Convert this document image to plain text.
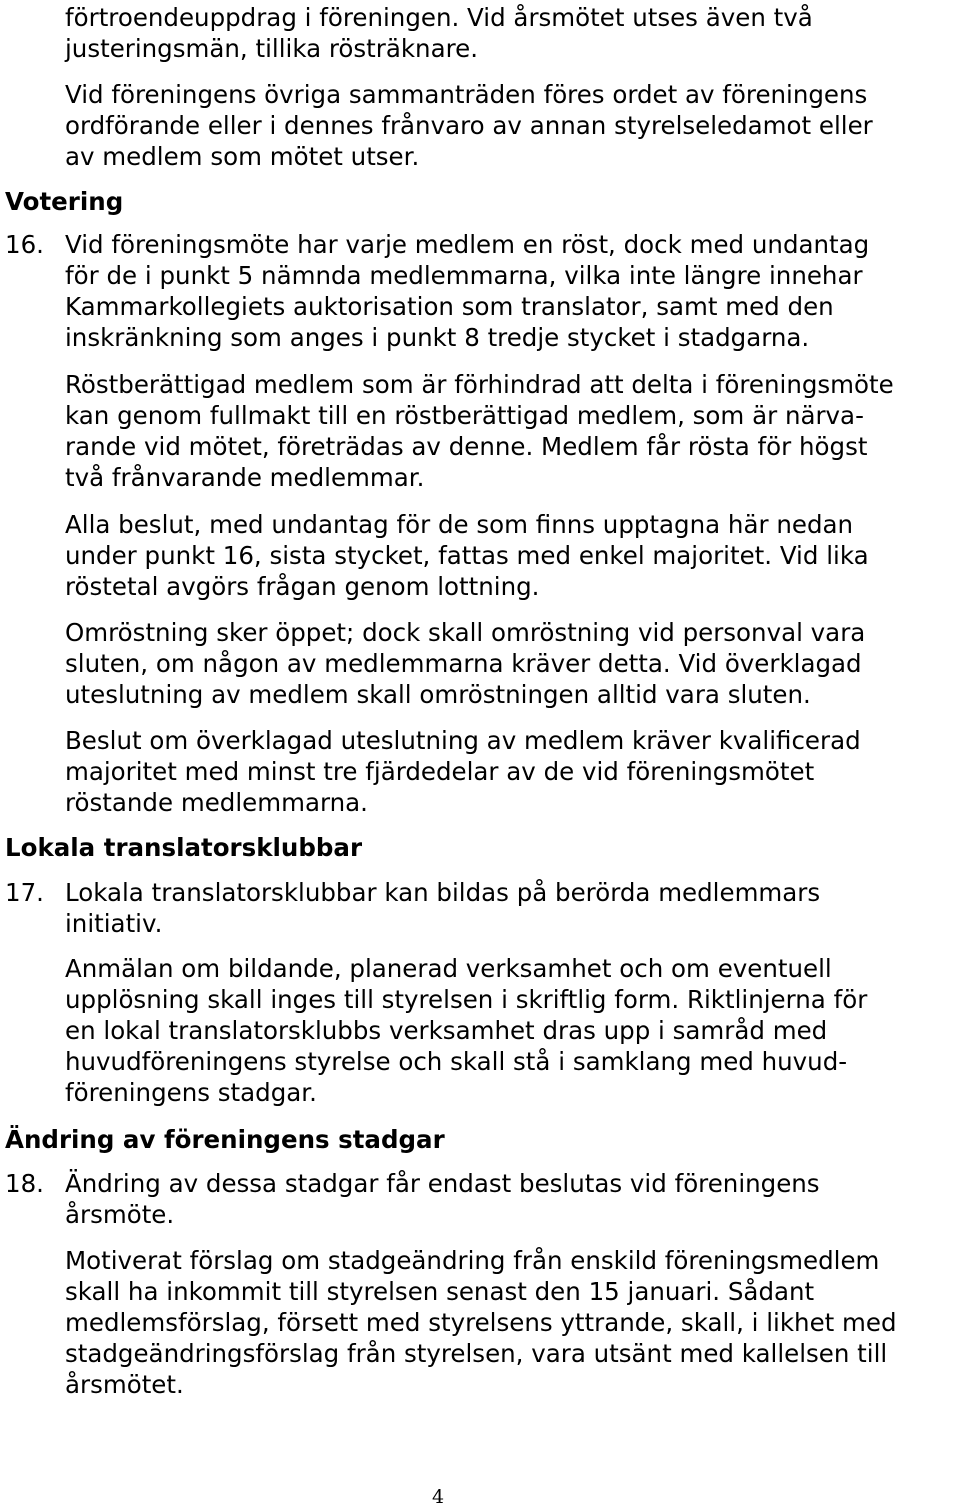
förtroendeuppdrag i föreningen. Vid årsmötet utses även två

justeringsmän, tillika rösträknare.

Vid föreningens övriga sammanträden föres ordet av föreningens

ordförande eller i dennes frånvaro av annan styrelseledamot eller

av medlem som mötet utser.

Votering
16. Vid föreningsmöte har varje medlem en röst, dock med undantag

för de i punkt 5 nämnda medlemmarna, vilka inte längre innehar

Kammarkollegiets auktorisation som translator, samt med den

inskränkning som anges i punkt 8 tredje stycket i stadgarna.

Röstberättigad medlem som är förhindrad att delta i föreningsmöte

kan genom fullmakt till en röstberättigad medlem, som är närva-

rande vid mötet, företrädas av denne. Medlem får rösta för högst

två frånvarande medlemmar.

Alla beslut, med undantag för de som finns upptagna här nedan

under punkt 16, sista stycket, fattas med enkel majoritet. Vid lika

röstetal avgörs frågan genom lottning.

Omröstning sker öppet; dock skall omröstning vid personval vara

sluten, om någon av medlemmarna kräver detta. Vid överklagad

uteslutning av medlem skall omröstningen alltid vara sluten.

Beslut om överklagad uteslutning av medlem kräver kvalificerad

majoritet med minst tre fjärdedelar av de vid föreningsmötet

röstande medlemmarna.

Lokala translatorsklubbar
17. Lokala translatorsklubbar kan bildas på berörda medlemmars

initiativ.

Anmälan om bildande, planerad verksamhet och om eventuell

upplösning skall inges till styrelsen i skriftlig form. Riktlinjerna för

en lokal translatorsklubbs verksamhet dras upp i samråd med

huvudföreningens styrelse och skall stå i samklang med huvud-

föreningens stadgar.

Ändring av föreningens stadgar
18. Ändring av dessa stadgar får endast beslutas vid föreningens

årsmöte.

Motiverat förslag om stadgeändring från enskild föreningsmedlem

skall ha inkommit till styrelsen senast den 15 januari. Sådant

medlemsförslag, försett med styrelsens yttrande, skall, i likhet med

stadgeändringsförslag från styrelsen, vara utsänt med kallelsen till

årsmötet.

4
